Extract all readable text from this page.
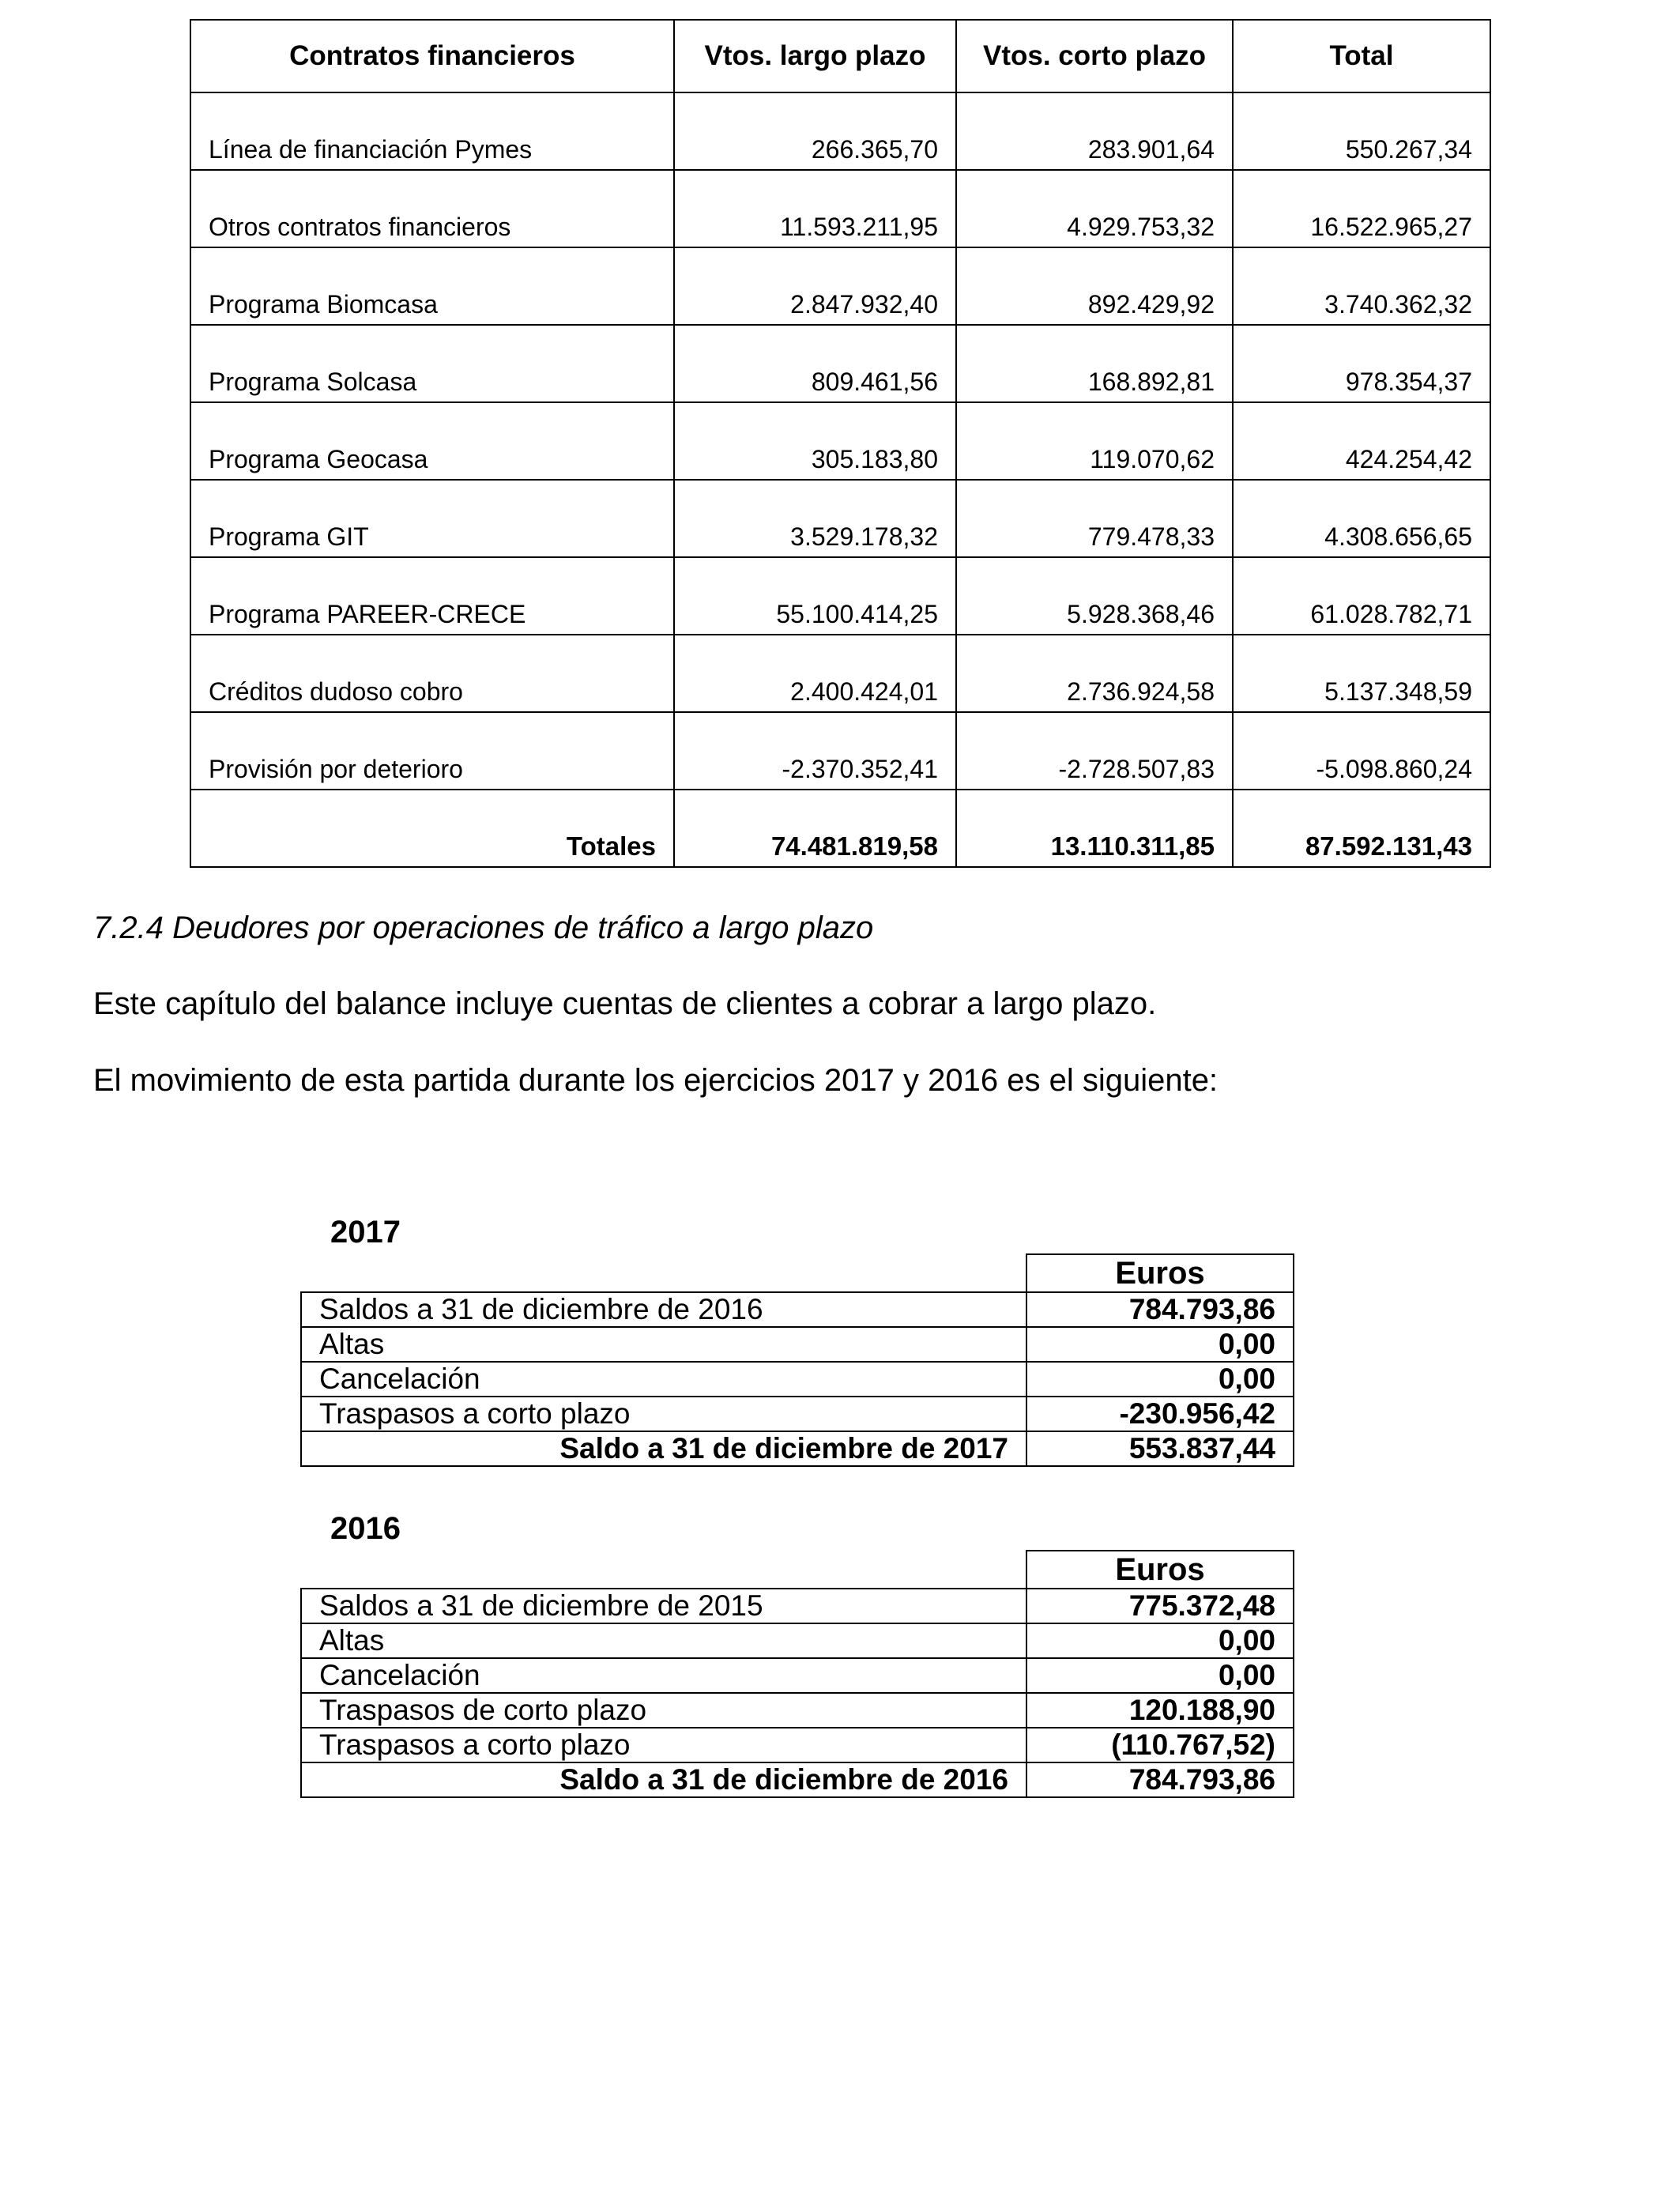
Contratos financieros	Vtos. largo plazo	Vtos. corto plazo	Total
Línea de financiación Pymes	266.365,70	283.901,64	550.267,34
Otros contratos financieros	11.593.211,95	4.929.753,32	16.522.965,27
Programa Biomcasa	2.847.932,40	892.429,92	3.740.362,32
Programa Solcasa	809.461,56	168.892,81	978.354,37
Programa Geocasa	305.183,80	119.070,62	424.254,42
Programa GIT	3.529.178,32	779.478,33	4.308.656,65
Programa PAREER-CRECE	55.100.414,25	5.928.368,46	61.028.782,71
Créditos dudoso cobro	2.400.424,01	2.736.924,58	5.137.348,59
Provisión por deterioro	-2.370.352,41	-2.728.507,83	-5.098.860,24
Totales	74.481.819,58	13.110.311,85	87.592.131,43
7.2.4 Deudores por operaciones de tráfico a largo plazo

Este capítulo del balance incluye cuentas de clientes a cobrar a largo plazo.

El movimiento de esta partida durante los ejercicios 2017 y 2016 es el siguiente:

2017
	Euros
Saldos a 31 de diciembre de 2016	784.793,86
Altas	0,00
Cancelación	0,00
Traspasos a corto plazo	-230.956,42
Saldo a 31 de diciembre de 2017	553.837,44
2016
	Euros
Saldos a 31 de diciembre de 2015	775.372,48
Altas	0,00
Cancelación	0,00
Traspasos de corto plazo	120.188,90
Traspasos a corto plazo	(110.767,52)
Saldo a 31 de diciembre de 2016	784.793,86
